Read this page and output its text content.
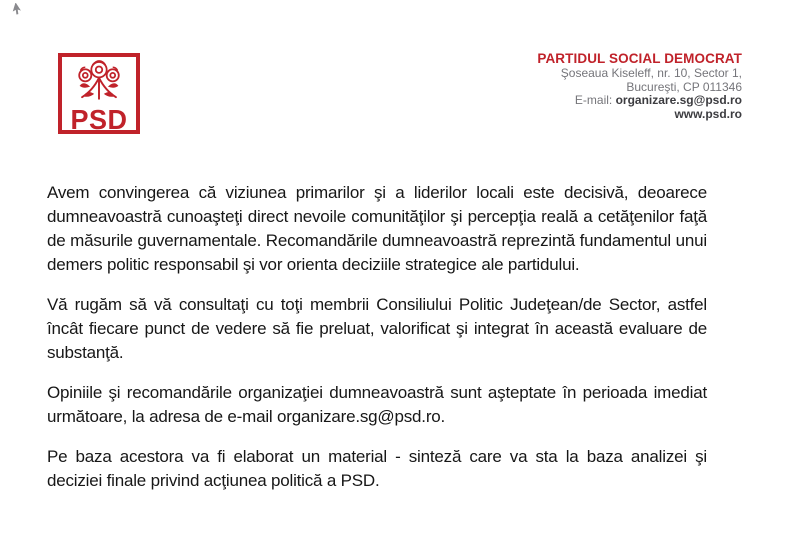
PSD
PARTIDUL SOCIAL DEMOCRAT
Şoseaua Kiseleff, nr. 10, Sector 1,
Bucureşti, CP 011346
E-mail: organizare.sg@psd.ro
www.psd.ro

Avem convingerea că viziunea primarilor şi a liderilor locali este decisivă, deoarece dumneavoastră cunoaşteţi direct nevoile comunităţilor şi percepţia reală a cetăţenilor faţă de măsurile guvernamentale. Recomandările dumneavoastră reprezintă fundamentul unui demers politic responsabil şi vor orienta deciziile strategice ale partidului.

Vă rugăm să vă consultaţi cu toţi membrii Consiliului Politic Judeţean/de Sector, astfel încât fiecare punct de vedere să fie preluat, valorificat şi integrat în această evaluare de substanţă.

Opiniile şi recomandările organizaţiei dumneavoastră sunt aşteptate în perioada imediat următoare, la adresa de e-mail organizare.sg@psd.ro.

Pe baza acestora va fi elaborat un material - sinteză care va sta la baza analizei şi deciziei finale privind acţiunea politică a PSD.
